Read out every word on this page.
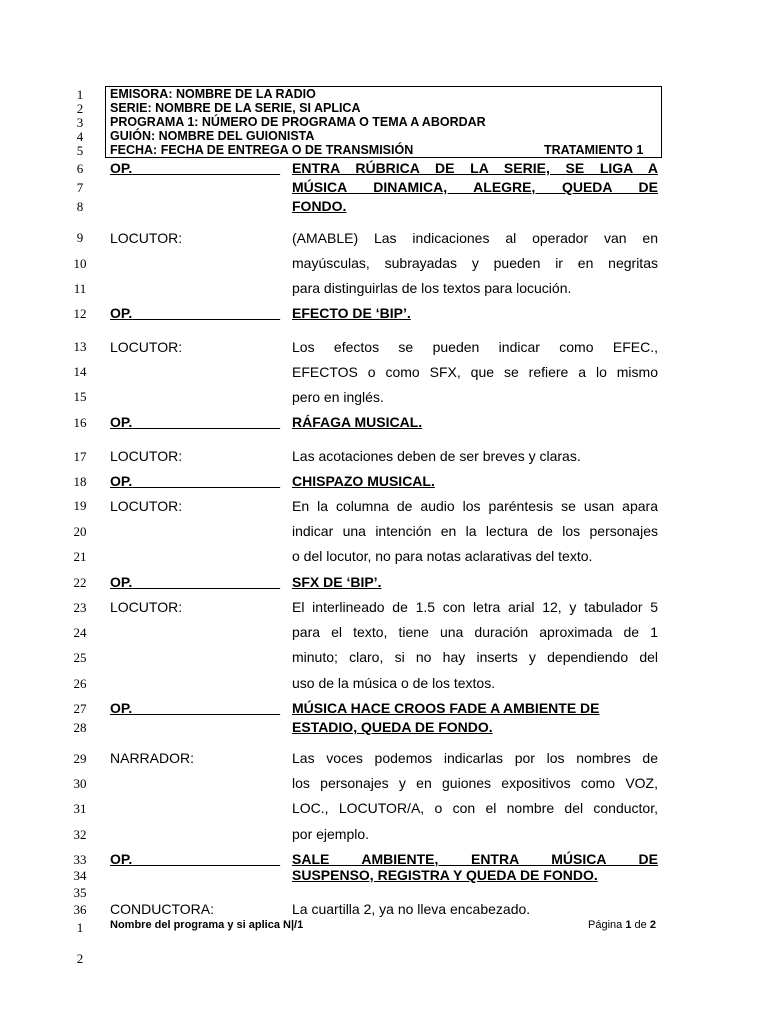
1
2
3
4
5
6
7
8
9
10
11
12
13
14
15
16
17
18
19
20
21
22
23
24
25
26
27
28
29
30
31
32
33
34
35
36
1
2
EMISORA: NOMBRE DE LA RADIO
SERIE: NOMBRE DE LA SERIE, SI APLICA
PROGRAMA 1: NÚMERO DE PROGRAMA O TEMA A ABORDAR
GUIÓN: NOMBRE DEL GUIONISTA
FECHA: FECHA DE ENTREGA O DE TRANSMISIÓN	TRATAMIENTO 1
OP.	ENTRA RÚBRICA DE LA SERIE, SE LIGA A
MÚSICA DINAMICA, ALEGRE, QUEDA DE
FONDO.
LOCUTOR:	(AMABLE) Las indicaciones al operador van en
mayúsculas, subrayadas y pueden ir en negritas
para distinguirlas de los textos para locución.
OP.	EFECTO DE ‘BIP’.
LOCUTOR:	Los efectos se pueden indicar como EFEC.,
EFECTOS o como SFX, que se refiere a lo mismo
pero en inglés.
OP.	RÁFAGA MUSICAL.
LOCUTOR:	Las acotaciones deben de ser breves y claras.
OP.	CHISPAZO MUSICAL.
LOCUTOR:	En la columna de audio los paréntesis se usan apara
indicar una intención en la lectura de los personajes
o del locutor, no para notas aclarativas del texto.
OP.	SFX DE ‘BIP’.
LOCUTOR:	El interlineado de 1.5 con letra arial 12, y tabulador 5
para el texto, tiene una duración aproximada de 1
minuto; claro, si no hay inserts y dependiendo del
uso de la música o de los textos.
OP.	MÚSICA HACE CROOS FADE A AMBIENTE DE
ESTADIO, QUEDA DE FONDO.
NARRADOR:	Las voces podemos indicarlas por los nombres de
los personajes y en guiones expositivos como VOZ,
LOC., LOCUTOR/A, o con el nombre del conductor,
por ejemplo.
OP.	SALE AMBIENTE, ENTRA MÚSICA DE
SUSPENSO, REGISTRA Y QUEDA DE FONDO.
CONDUCTORA:	La cuartilla 2, ya no lleva encabezado.
Nombre del programa y si aplica N|/1	Página 1 de 2
